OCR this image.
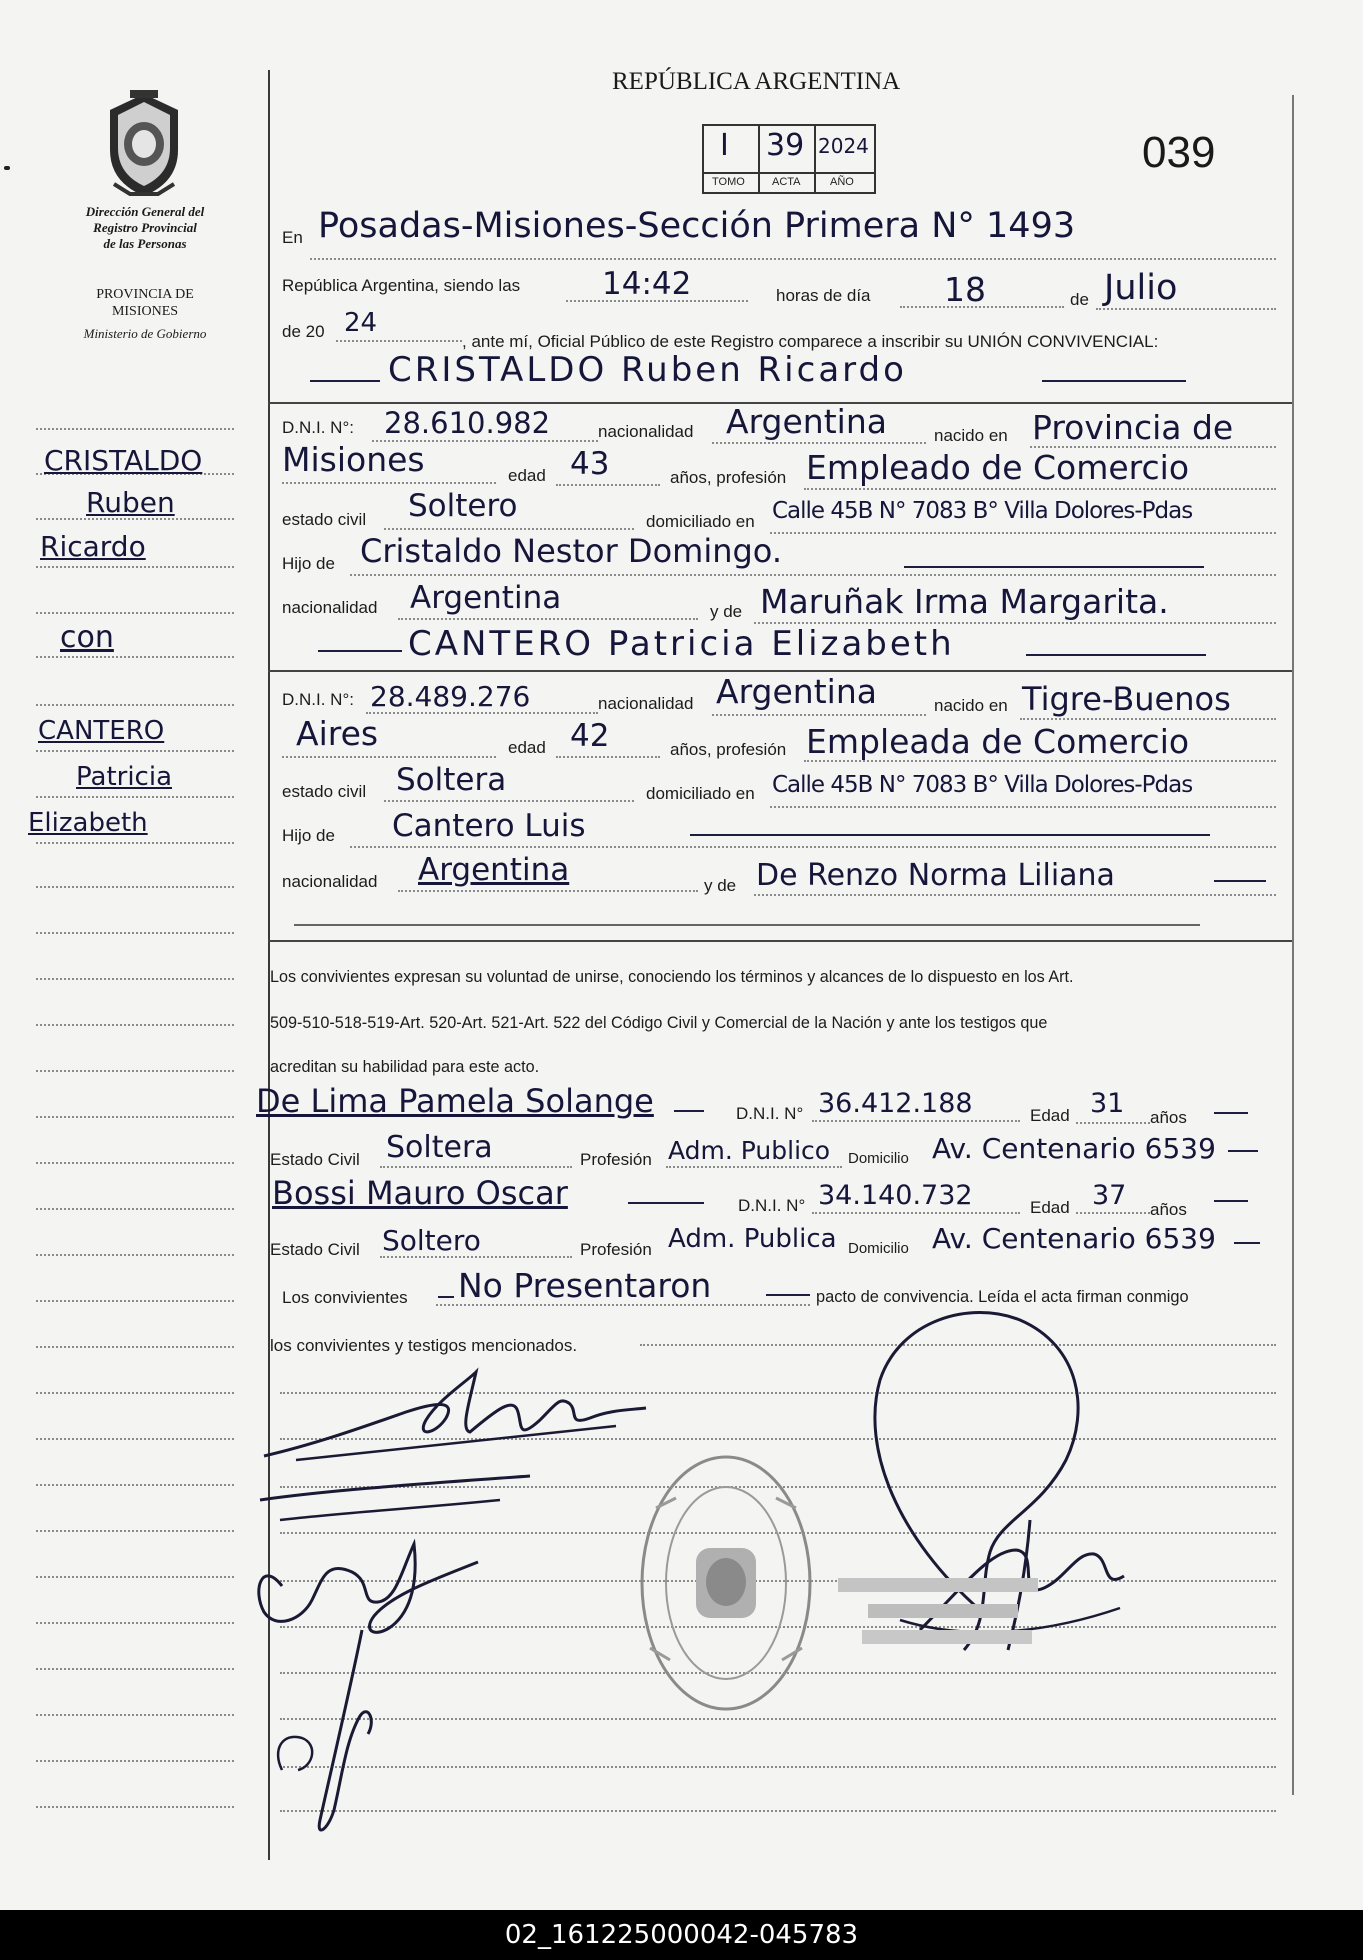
Dirección General del
Registro Provincial
de las Personas
PROVINCIA DE
MISIONES
Ministerio de Gobierno
CRISTALDO
Ruben
Ricardo
con
CANTERO
Patricia
Elizabeth
REPÚBLICA ARGENTINA
I 39 2024
TOMO ACTA	AÑO
039
En Posadas-Misiones-Sección Primera N° 1493
República Argentina, siendo las	14:42	horas de día 18	de Julio
de 20 24
, ante mí, Oficial Público de este Registro comparece a inscribir su UNIÓN CONVIVENCIAL:
CRISTALDO Ruben Ricardo
D.N.I. N°: 28.610.982	nacionalidad Argentina	nacido en Provincia de
Misiones	edad 43	años, profesión Empleado de Comercio
estado civil Soltero	domiciliado en Calle 45B N° 7083 B° Villa Dolores-Pdas
Hijo de Cristaldo Nestor Domingo.
nacionalidad Argentina	y de Maruñak Irma Margarita.
CANTERO Patricia Elizabeth
D.N.I. N°: 28.489.276	nacionalidad Argentina	nacido en Tigre-Buenos
Aires	edad 42	años, profesión Empleada de Comercio
estado civil Soltera	domiciliado en Calle 45B N° 7083 B° Villa Dolores-Pdas
Hijo de Cantero Luis
nacionalidad Argentina	y de De Renzo Norma Liliana
Los convivientes expresan su voluntad de unirse, conociendo los términos y alcances de lo dispuesto en los Art.
509-510-518-519-Art. 520-Art. 521-Art. 522 del Código Civil y Comercial de la Nación y ante los testigos que
acreditan su habilidad para este acto.
De Lima Pamela Solange	D.N.I. N° 36.412.188	Edad 31 años
Estado Civil Soltera	Profesión Adm. Publico Domicilio Av. Centenario 6539
Bossi Mauro Oscar	D.N.I. N° 34.140.732	Edad 37 años
Estado Civil Soltero	Profesión Adm. Publica Domicilio Av. Centenario 6539
Los convivientes No Presentaron	pacto de convivencia. Leída el acta firman conmigo
los convivientes y testigos mencionados.
02_161225000042-045783
